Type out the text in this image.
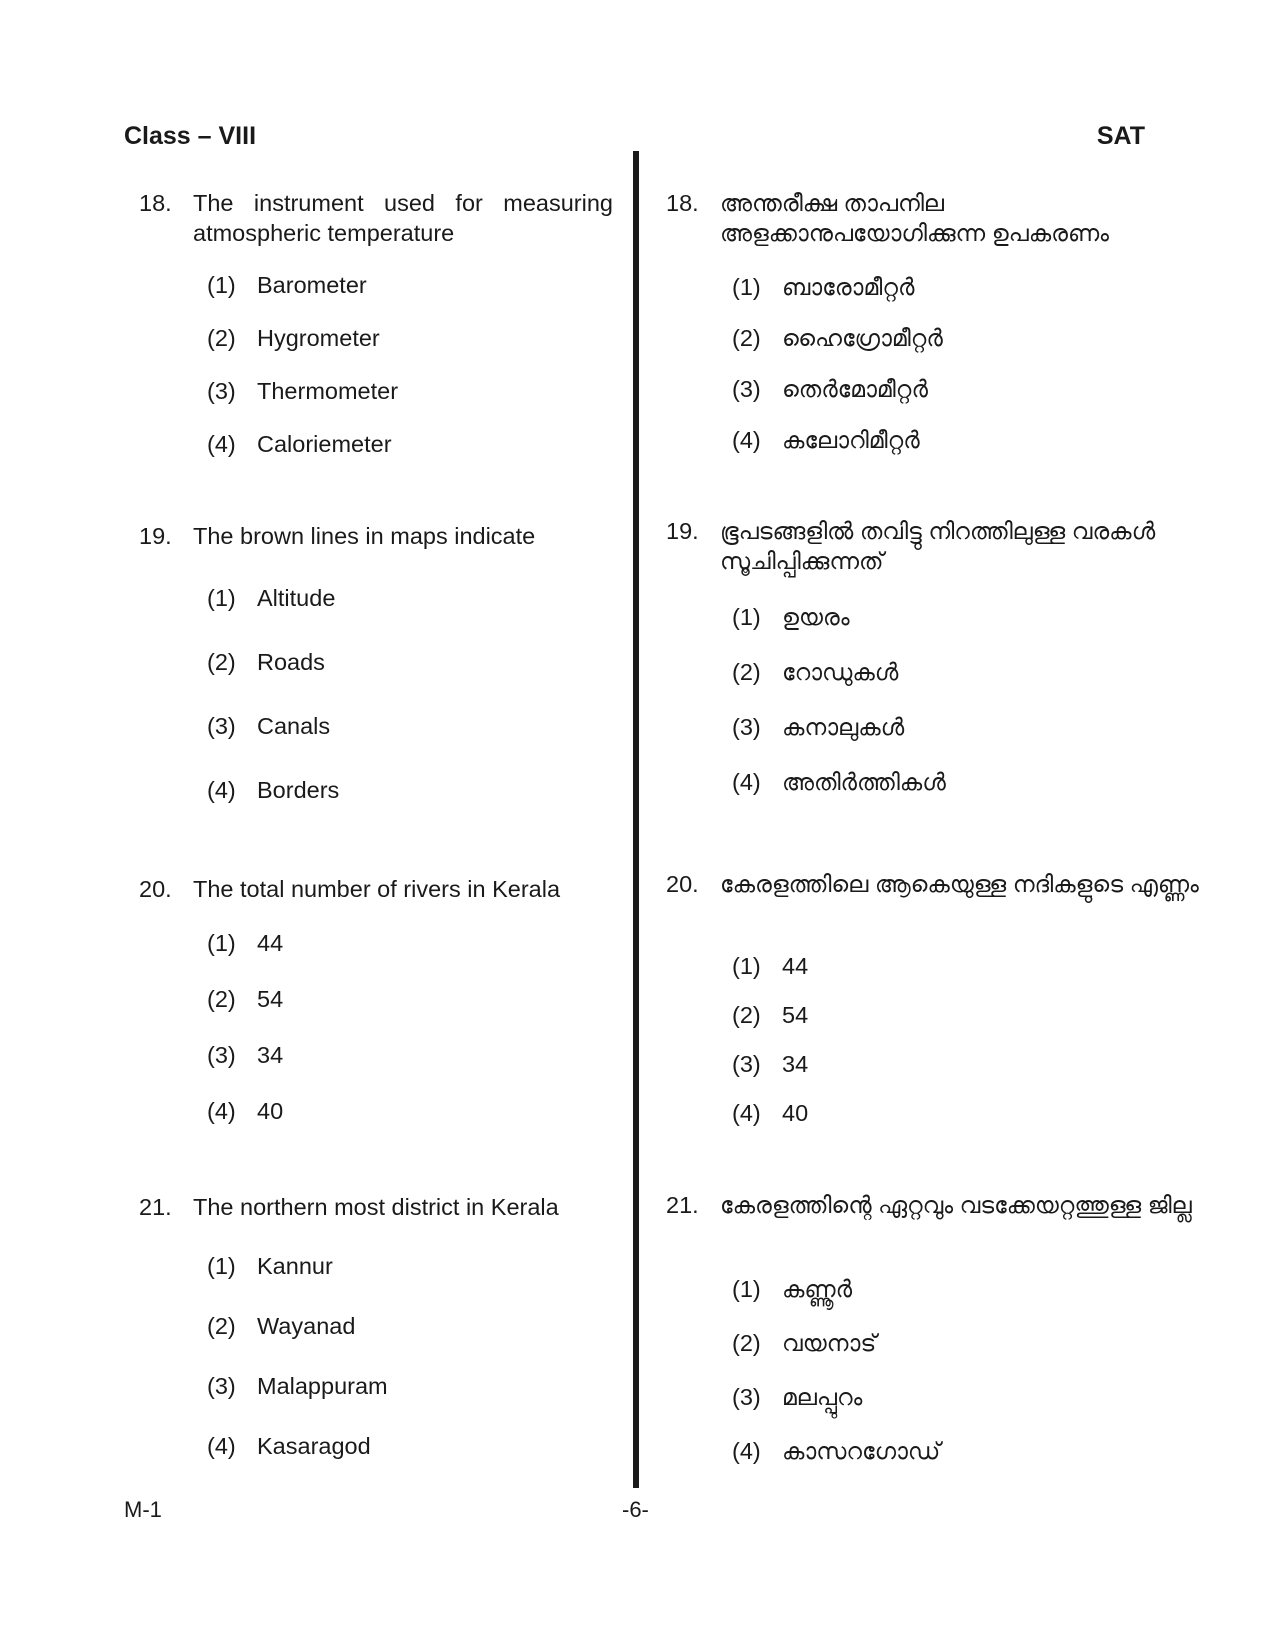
Class – VIII	SAT
M-1	-6-
18. The instrument used for measuring atmospheric temperature
(1) Barometer
(2) Hygrometer
(3) Thermometer
(4) Caloriemeter
19. The brown lines in maps indicate
(1) Altitude
(2) Roads
(3) Canals
(4) Borders
20. The total number of rivers in Kerala
(1) 44
(2) 54
(3) 34
(4) 40
21. The northern most district in Kerala
(1) Kannur
(2) Wayanad
(3) Malappuram
(4) Kasaragod
18. അന്തരീക്ഷ താപനില അളക്കാനുപയോഗിക്കുന്ന ഉപകരണം
(1) ബാരോമീറ്റർ
(2) ഹൈഗ്രോമീറ്റർ
(3) തെർമോമീറ്റർ
(4) കലോറിമീറ്റർ
19. ഭൂപടങ്ങളിൽ തവിട്ടു നിറത്തിലുള്ള വരകൾ സൂചിപ്പിക്കുന്നത്
(1) ഉയരം
(2) റോഡുകൾ
(3) കനാലുകൾ
(4) അതിർത്തികൾ
20. കേരളത്തിലെ ആകെയുള്ള നദികളുടെ എണ്ണം
(1) 44
(2) 54
(3) 34
(4) 40
21. കേരളത്തിന്റെ ഏറ്റവും വടക്കേയറ്റത്തുള്ള ജില്ല
(1) കണ്ണൂർ
(2) വയനാട്
(3) മലപ്പുറം
(4) കാസറഗോഡ്
